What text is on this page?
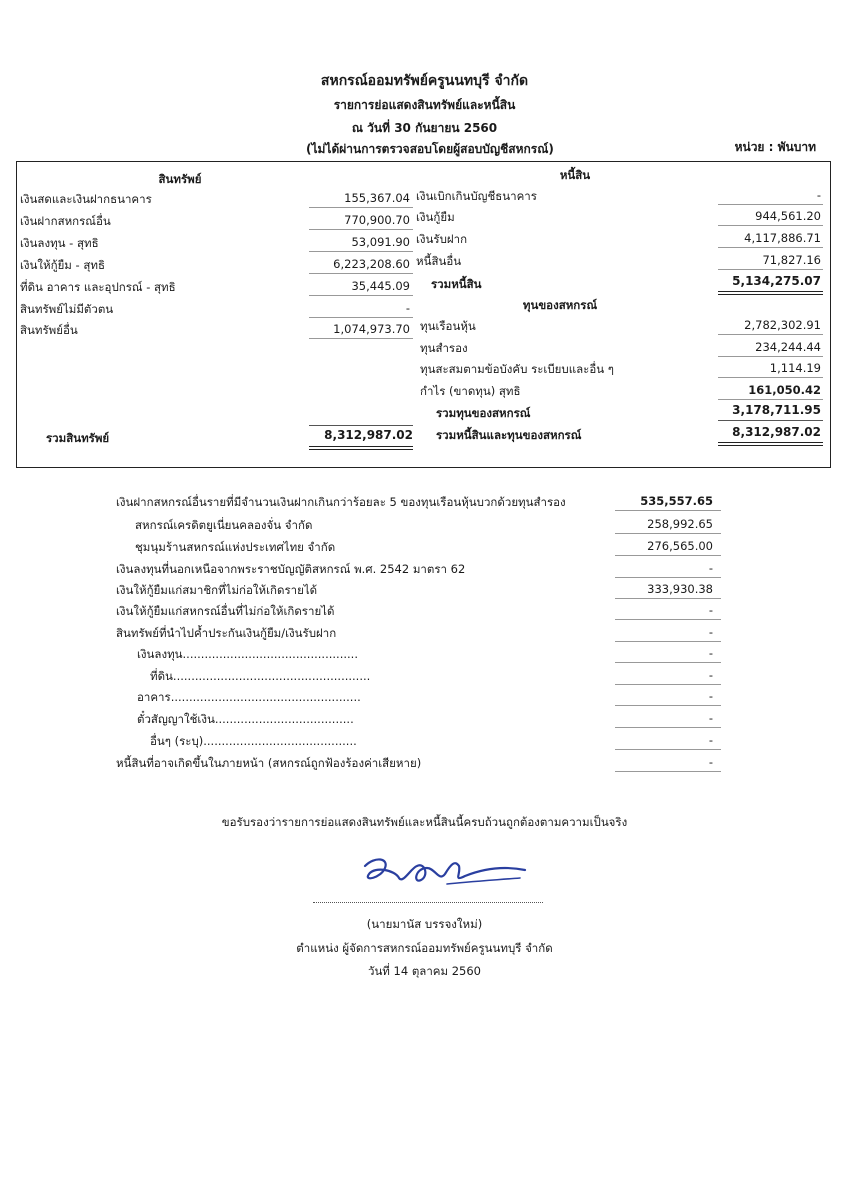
สหกรณ์ออมทรัพย์ครูนนทบุรี จำกัด
รายการย่อแสดงสินทรัพย์และหนี้สิน
ณ วันที่ 30 กันยายน 2560
(ไม่ได้ผ่านการตรวจสอบโดยผู้สอบบัญชีสหกรณ์)	หน่วย : พันบาท
สินทรัพย์	หนี้สิน
เงินสดและเงินฝากธนาคาร	155,367.04
เงินฝากสหกรณ์อื่น	770,900.70
เงินลงทุน - สุทธิ	53,091.90
เงินให้กู้ยืม - สุทธิ	6,223,208.60
ที่ดิน อาคาร และอุปกรณ์ - สุทธิ	35,445.09
สินทรัพย์ไม่มีตัวตน	-
สินทรัพย์อื่น	1,074,973.70
รวมสินทรัพย์	8,312,987.02
เงินเบิกเกินบัญชีธนาคาร	-
เงินกู้ยืม	944,561.20
เงินรับฝาก	4,117,886.71
หนี้สินอื่น	71,827.16
รวมหนี้สิน	5,134,275.07
ทุนของสหกรณ์
ทุนเรือนหุ้น	2,782,302.91
ทุนสำรอง	234,244.44
ทุนสะสมตามข้อบังคับ ระเบียบและอื่น ๆ	1,114.19
กำไร (ขาดทุน) สุทธิ	161,050.42
รวมทุนของสหกรณ์	3,178,711.95
รวมหนี้สินและทุนของสหกรณ์	8,312,987.02
เงินฝากสหกรณ์อื่นรายที่มีจำนวนเงินฝากเกินกว่าร้อยละ 5 ของทุนเรือนหุ้นบวกด้วยทุนสำรอง	535,557.65
สหกรณ์เครดิตยูเนี่ยนคลองจั่น จำกัด	258,992.65
ชุมนุมร้านสหกรณ์แห่งประเทศไทย จำกัด	276,565.00
เงินลงทุนที่นอกเหนือจากพระราชบัญญัติสหกรณ์ พ.ศ. 2542 มาตรา 62	-
เงินให้กู้ยืมแก่สมาชิกที่ไม่ก่อให้เกิดรายได้	333,930.38
เงินให้กู้ยืมแก่สหกรณ์อื่นที่ไม่ก่อให้เกิดรายได้	-
สินทรัพย์ที่นำไปค้ำประกันเงินกู้ยืม/เงินรับฝาก	-
เงินลงทุน................................................	-
ที่ดิน......................................................	-
อาคาร....................................................	-
ตั๋วสัญญาใช้เงิน......................................	-
อื่นๆ (ระบุ)..........................................	-
หนี้สินที่อาจเกิดขึ้นในภายหน้า (สหกรณ์ถูกฟ้องร้องค่าเสียหาย)	-
ขอรับรองว่ารายการย่อแสดงสินทรัพย์และหนี้สินนี้ครบถ้วนถูกต้องตามความเป็นจริง
(นายมานัส บรรจงใหม่)
ตำแหน่ง ผู้จัดการสหกรณ์ออมทรัพย์ครูนนทบุรี จำกัด
วันที่ 14 ตุลาคม 2560
